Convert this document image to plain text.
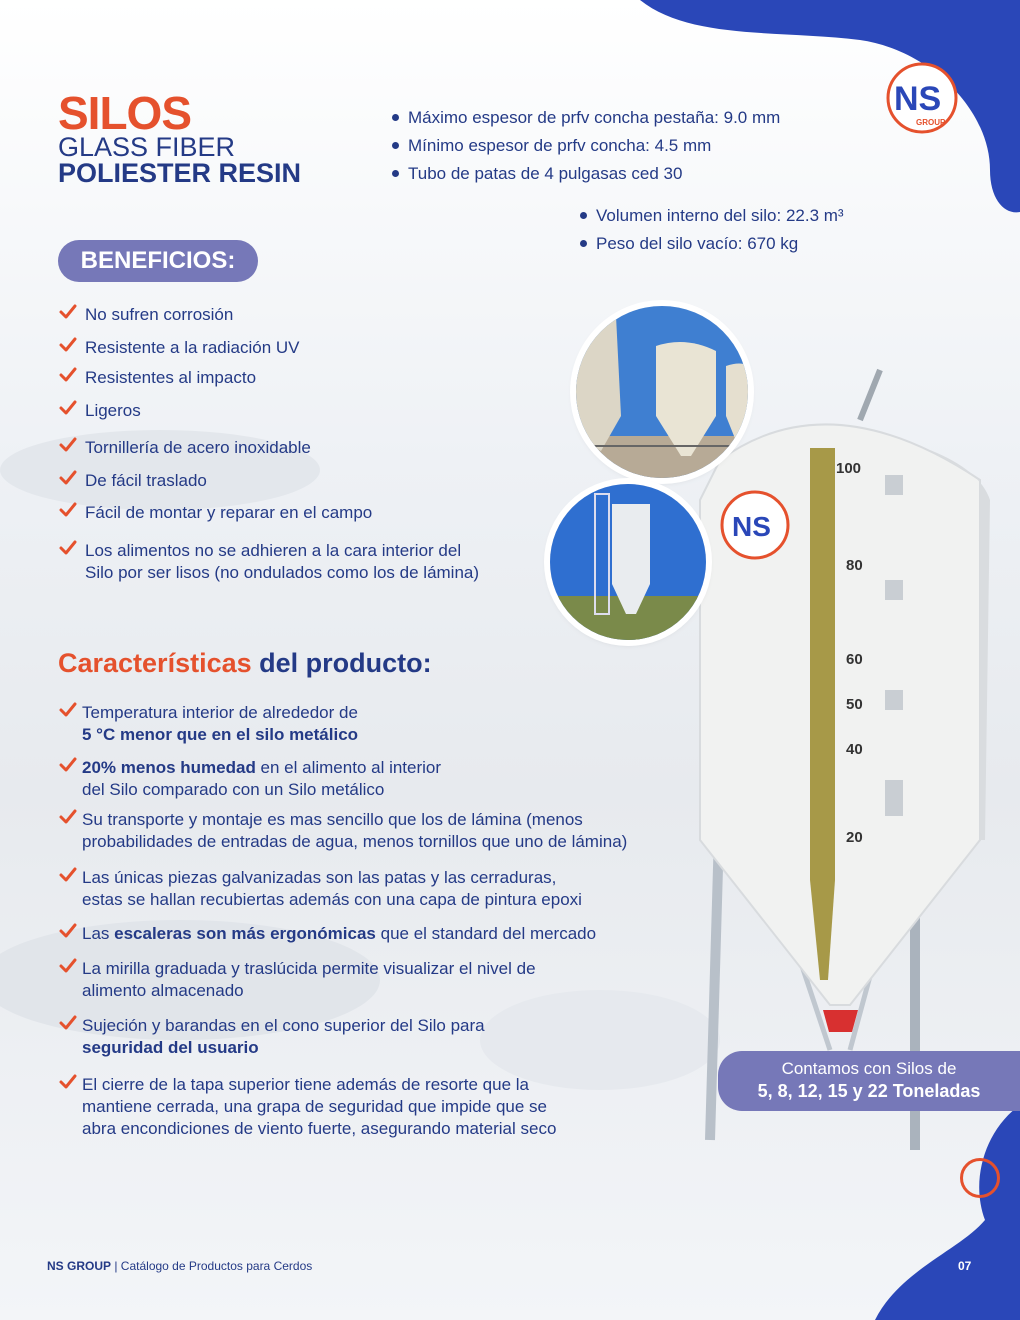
SILOS
GLASS FIBER
POLIESTER RESIN
NS
GROUP
Máximo espesor de prfv concha pestaña: 9.0 mm
Mínimo espesor de prfv concha: 4.5 mm
Tubo de patas de 4 pulgasas ced 30
Volumen interno del silo: 22.3 m³
Peso del silo vacío: 670 kg
BENEFICIOS:
No sufren corrosión
Resistente a la radiación UV
Resistentes al impacto
Ligeros
Tornillería de acero inoxidable
De fácil traslado
Fácil de montar y reparar en el campo
Los alimentos no se adhieren a la cara interior del
Silo por ser lisos (no ondulados como los de lámina)
NS
100
80
60
50
40
20
Características del producto:
Temperatura interior de alrededor de
5 °C menor que en el silo metálico
20% menos humedad en el alimento al interior
del Silo comparado con un Silo metálico
Su transporte y montaje es mas sencillo que los de lámina (menos
probabilidades de entradas de agua, menos tornillos que uno de lámina)
Las únicas piezas galvanizadas son las patas y las cerraduras,
estas se hallan recubiertas además con una capa de pintura epoxi
Las escaleras son más ergonómicas que el standard del mercado
La mirilla graduada y traslúcida permite visualizar el nivel de
alimento almacenado
Sujeción y barandas en el cono superior del Silo para
seguridad del usuario
El cierre de la tapa superior tiene además de resorte que la
mantiene cerrada, una grapa de seguridad que impide que se
abra encondiciones de viento fuerte, asegurando material seco
Contamos con Silos de
5, 8, 12, 15 y 22 Toneladas
NS GROUP | Catálogo de Productos para Cerdos	07
